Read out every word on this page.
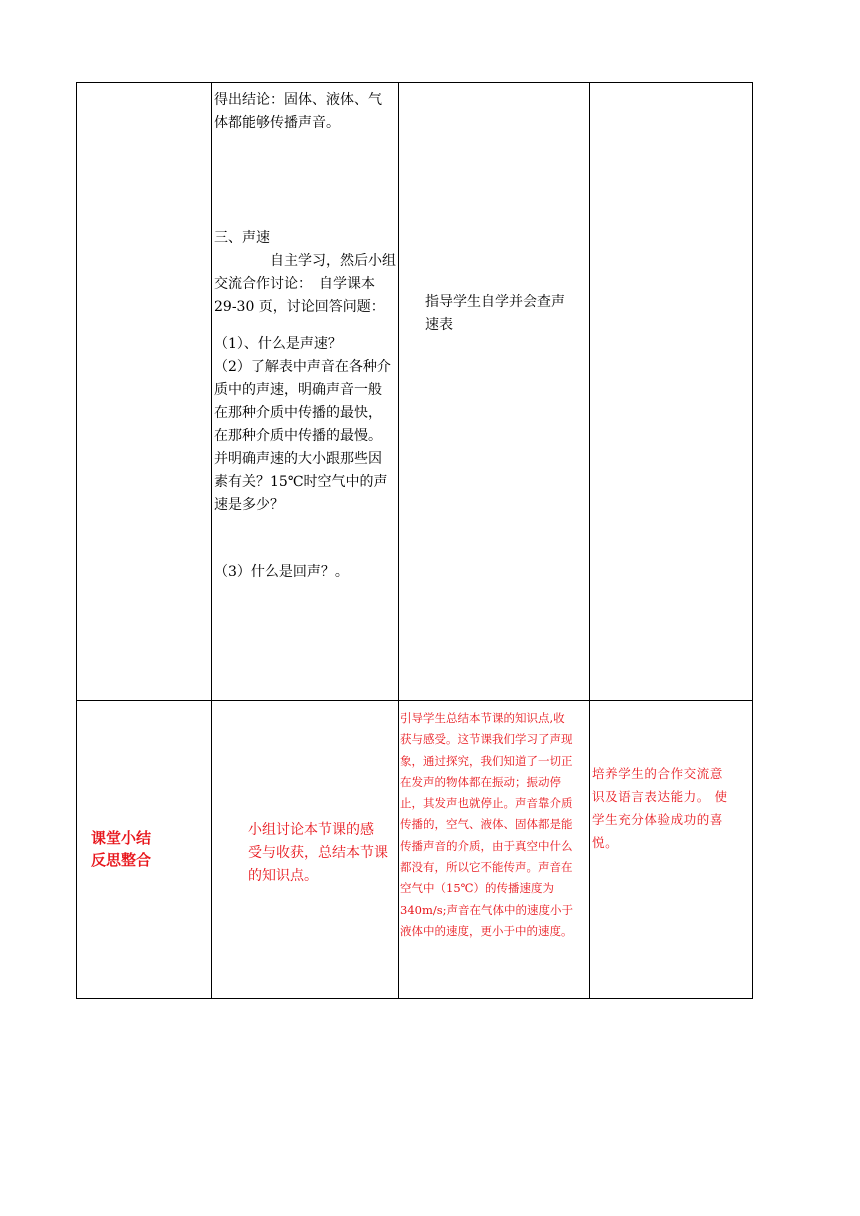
得出结论：固体、液体、气

体都能够传播声音。

三、声速

自主学习，然后小组

交流合作讨论：　自学课本

29-30 页，讨论回答问题：

（1）、什么是声速？

（2）了解表中声音在各种介

质中的声速，明确声音一般

在那种介质中传播的最快，

在那种介质中传播的最慢。

并明确声速的大小跟那些因

素有关？15℃时空气中的声

速是多少？

（3）什么是回声？。

指导学生自学并会查声

速表

课堂小结
反思整合

小组讨论本节课的感

受与收获，总结本节课

的知识点。

引导学生总结本节课的知识点,收

获与感受。这节课我们学习了声现

象，通过探究，我们知道了一切正

在发声的物体都在振动；振动停

止，其发声也就停止。声音靠介质

传播的，空气、液体、固体都是能

传播声音的介质，由于真空中什么

都没有，所以它不能传声。声音在

空气中（15℃）的传播速度为

340m/s;声音在气体中的速度小于

液体中的速度，更小于中的速度。

培养学生的合作交流意

识及语言表达能力。 使

学生充分体验成功的喜

悦。
